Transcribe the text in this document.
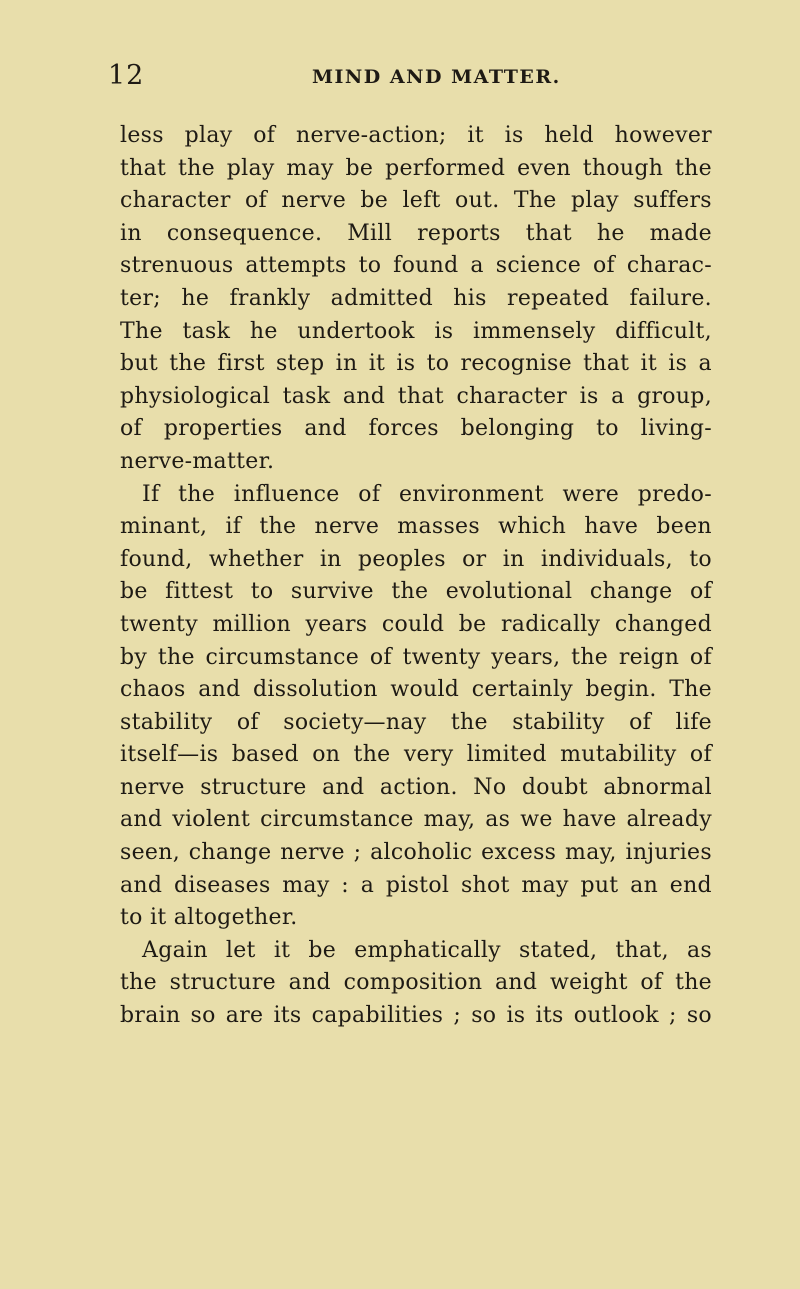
12	MIND AND MATTER.
less play of nerve-action; it is held however
that the play may be performed even though the
character of nerve be left out. The play suffers
in consequence. Mill reports that he made
strenuous attempts to found a science of charac-
ter; he frankly admitted his repeated failure.
The task he undertook is immensely difficult,
but the first step in it is to recognise that it is a
physiological task and that character is a group,
of properties and forces belonging to living-
nerve-matter.
If the influence of environment were predo-
minant, if the nerve masses which have been
found, whether in peoples or in individuals, to
be fittest to survive the evolutional change of
twenty million years could be radically changed
by the circumstance of twenty years, the reign of
chaos and dissolution would certainly begin. The
stability of society—nay the stability of life
itself—is based on the very limited mutability of
nerve structure and action. No doubt abnormal
and violent circumstance may, as we have already
seen, change nerve ; alcoholic excess may, injuries
and diseases may : a pistol shot may put an end
to it altogether.
Again let it be emphatically stated, that, as
the structure and composition and weight of the
brain so are its capabilities ; so is its outlook ; so
